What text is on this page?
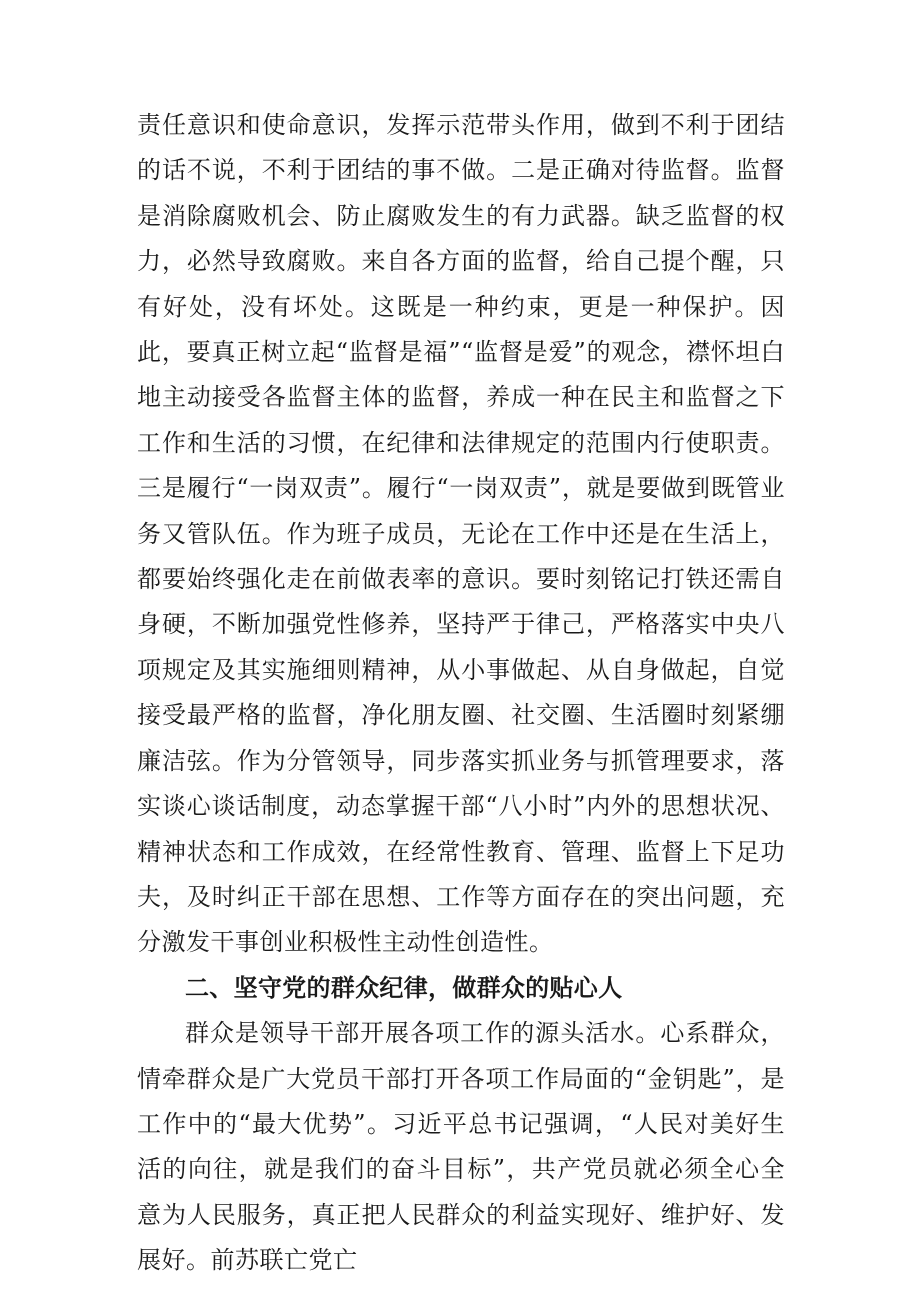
责任意识和使命意识，发挥示范带头作用，做到不利于团结的话不说，不利于团结的事不做。二是正确对待监督。监督是消除腐败机会、防止腐败发生的有力武器。缺乏监督的权力，必然导致腐败。来自各方面的监督，给自己提个醒，只有好处，没有坏处。这既是一种约束，更是一种保护。因此，要真正树立起“监督是福”“监督是爱”的观念，襟怀坦白地主动接受各监督主体的监督，养成一种在民主和监督之下工作和生活的习惯，在纪律和法律规定的范围内行使职责。三是履行“一岗双责”。履行“一岗双责”，就是要做到既管业务又管队伍。作为班子成员，无论在工作中还是在生活上，都要始终强化走在前做表率的意识。要时刻铭记打铁还需自身硬，不断加强党性修养，坚持严于律己，严格落实中央八项规定及其实施细则精神，从小事做起、从自身做起，自觉接受最严格的监督，净化朋友圈、社交圈、生活圈时刻紧绷廉洁弦。作为分管领导，同步落实抓业务与抓管理要求，落实谈心谈话制度，动态掌握干部“八小时”内外的思想状况、精神状态和工作成效，在经常性教育、管理、监督上下足功夫，及时纠正干部在思想、工作等方面存在的突出问题，充分激发干事创业积极性主动性创造性。

二、坚守党的群众纪律，做群众的贴心人

群众是领导干部开展各项工作的源头活水。心系群众，情牵群众是广大党员干部打开各项工作局面的“金钥匙”，是工作中的“最大优势”。习近平总书记强调，“人民对美好生活的向往，就是我们的奋斗目标”，共产党员就必须全心全意为人民服务，真正把人民群众的利益实现好、维护好、发展好。前苏联亡党亡
